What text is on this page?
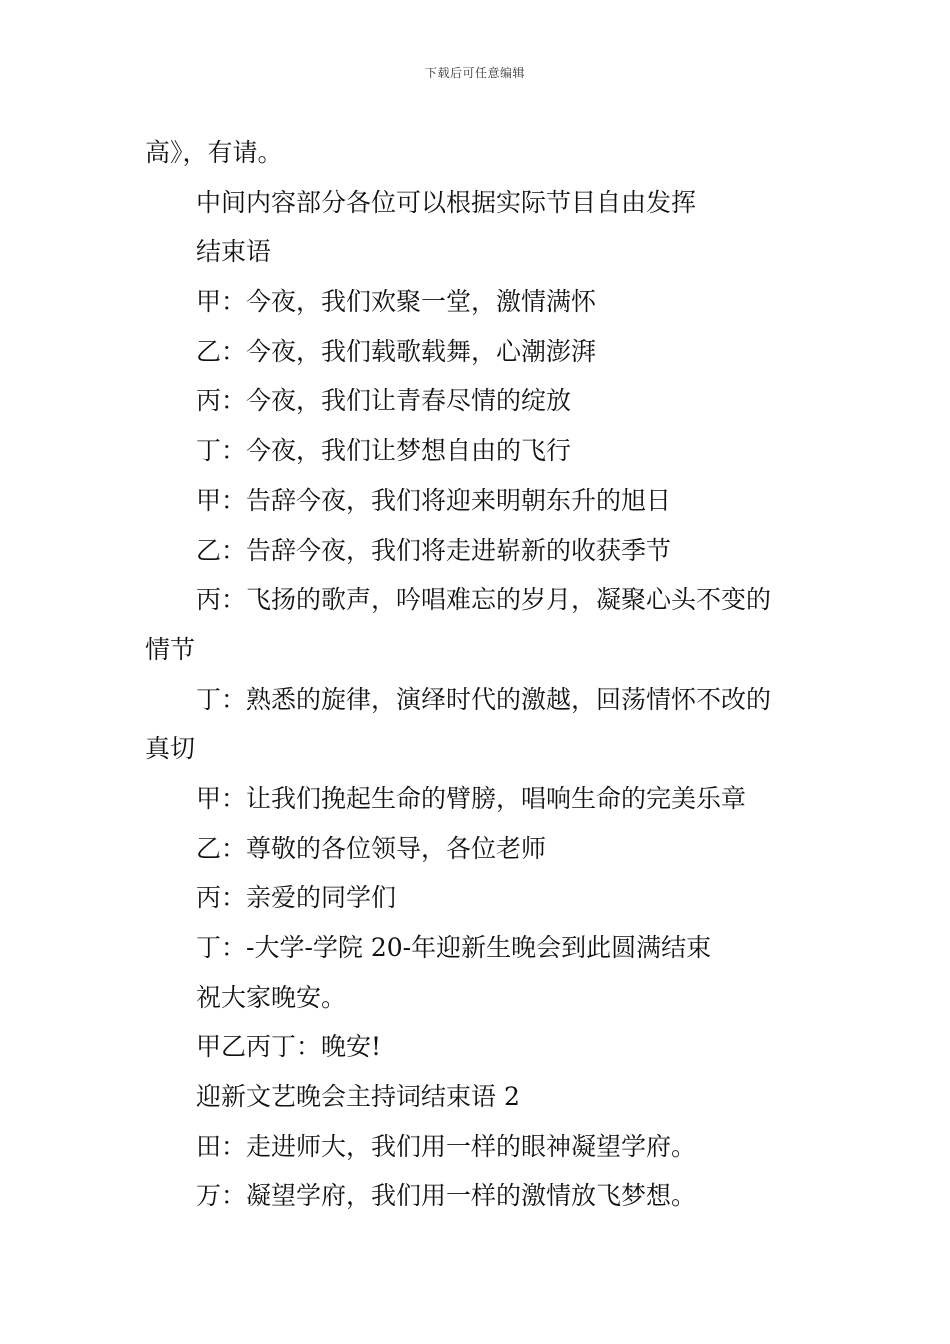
下载后可任意编辑

高》，有请。

中间内容部分各位可以根据实际节目自由发挥

结束语

甲：今夜，我们欢聚一堂，激情满怀

乙：今夜，我们载歌载舞，心潮澎湃

丙：今夜，我们让青春尽情的绽放

丁：今夜，我们让梦想自由的飞行

甲：告辞今夜，我们将迎来明朝东升的旭日

乙：告辞今夜，我们将走进崭新的收获季节

丙：飞扬的歌声，吟唱难忘的岁月，凝聚心头不变的

情节

丁：熟悉的旋律，演绎时代的激越，回荡情怀不改的

真切

甲：让我们挽起生命的臂膀，唱响生命的完美乐章

乙：尊敬的各位领导，各位老师

丙：亲爱的同学们

丁：-大学-学院 20-年迎新生晚会到此圆满结束

祝大家晚安。

甲乙丙丁：晚安!

迎新文艺晚会主持词结束语 2

田：走进师大，我们用一样的眼神凝望学府。

万：凝望学府，我们用一样的激情放飞梦想。
